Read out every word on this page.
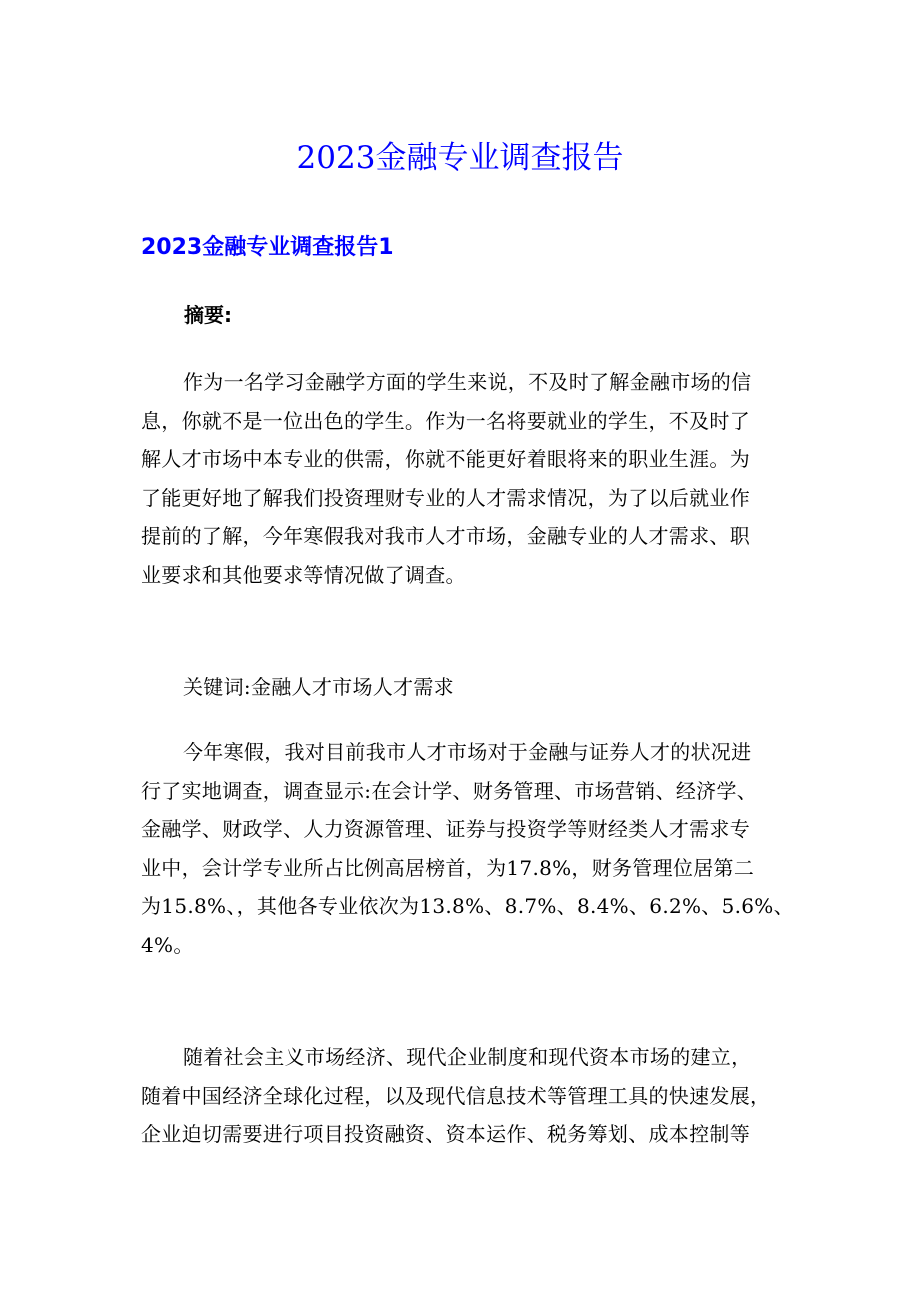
2023金融专业调查报告
2023金融专业调查报告1

摘要:

作为一名学习金融学方面的学生来说，不及时了解金融市场的信
息，你就不是一位出色的学生。作为一名将要就业的学生，不及时了
解人才市场中本专业的供需，你就不能更好着眼将来的职业生涯。为
了能更好地了解我们投资理财专业的人才需求情况，为了以后就业作
提前的了解，今年寒假我对我市人才市场，金融专业的人才需求、职
业要求和其他要求等情况做了调查。

关键词:金融人才市场人才需求

今年寒假，我对目前我市人才市场对于金融与证券人才的状况进
行了实地调查，调查显示:在会计学、财务管理、市场营销、经济学、
金融学、财政学、人力资源管理、证券与投资学等财经类人才需求专
业中，会计学专业所占比例高居榜首，为17.8%，财务管理位居第二
为15.8%、，其他各专业依次为13.8%、8.7%、8.4%、6.2%、5.6%、
4%。

随着社会主义市场经济、现代企业制度和现代资本市场的建立，
随着中国经济全球化过程，以及现代信息技术等管理工具的快速发展，
企业迫切需要进行项目投资融资、资本运作、税务筹划、成本控制等
